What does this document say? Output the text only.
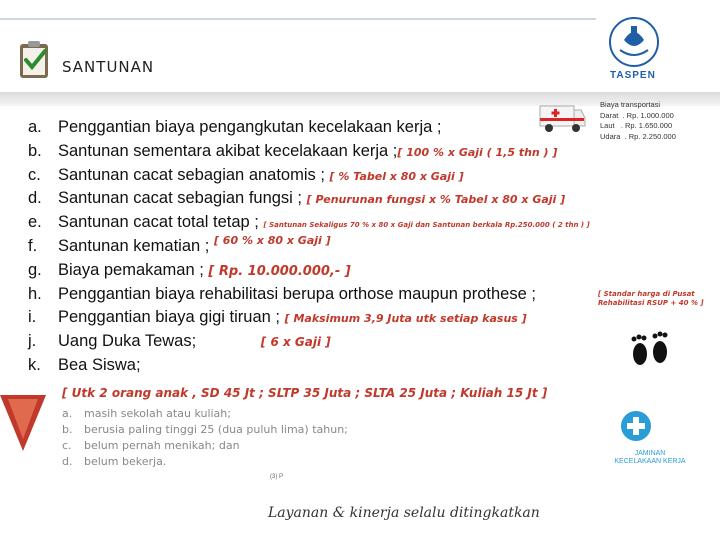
SANTUNAN	TASPEN
Biaya transportasi
Darat  . Rp. 1.000.000
Laut   . Rp. 1.650.000
Udara  . Rp. 2.250.000
a. Penggantian biaya pengangkutan kecelakaan kerja ;
b. Santunan sementara akibat kecelakaan kerja ;[ 100 % x Gaji ( 1,5 thn ) ]
c. Santunan cacat sebagian anatomis ; [ % Tabel x 80 x Gaji ]
d. Santunan cacat sebagian fungsi ; [ Penurunan fungsi x % Tabel x 80 x Gaji ]
e. Santunan cacat total tetap ; [ Santunan Sekaligus 70 % x 80 x Gaji dan Santunan berkala Rp.250.000 ( 2 thn ) ]
f. Santunan kematian ; [ 60 % x 80 x Gaji ]
g. Biaya pemakaman ; [ Rp. 10.000.000,- ]
h. Penggantian biaya rehabilitasi berupa orthose maupun prothese ;
i. Penggantian biaya gigi tiruan ; [ Maksimum 3,9 Juta utk setiap kasus ]
j. Uang Duka Tewas;	[ 6 x Gaji ]
k. Bea Siswa;
[ Standar harga di Pusat Rehabilitasi RSUP + 40 % ]
[ Utk 2 orang anak , SD 45 Jt ; SLTP 35 Juta ; SLTA 25 Juta ; Kuliah 15 Jt ]
a. masih sekolah atau kuliah;
b. berusia paling tinggi 25 (dua puluh lima) tahun;
c. belum pernah menikah; dan
d. belum bekerja.
(3) P
JAMINAN
KECELAKAAN KERJA
Layanan & kinerja selalu ditingkatkan
